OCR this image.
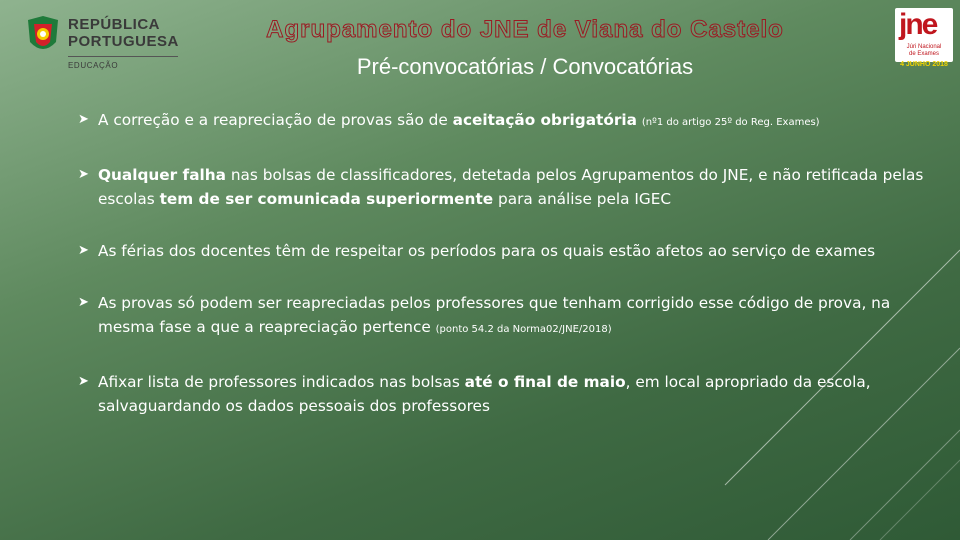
REPÚBLICA
PORTUGUESA
EDUCAÇÃO
Agrupamento do JNE de Viana do Castelo
Pré-convocatórias / Convocatórias
jne
Júri Nacional
de Exames
4 JUNHO 2018
➤ A correção e a reapreciação de provas são de aceitação obrigatória (nº1 do artigo 25º do Reg. Exames)
➤ Qualquer falha nas bolsas de classificadores, detetada pelos Agrupamentos do JNE, e não retificada pelas escolas tem de ser comunicada superiormente para análise pela IGEC
➤ As férias dos docentes têm de respeitar os períodos para os quais estão afetos ao serviço de exames
➤ As provas só podem ser reapreciadas pelos professores que tenham corrigido esse código de prova, na mesma fase a que a reapreciação pertence (ponto 54.2 da Norma02/JNE/2018)
➤ Afixar lista de professores indicados nas bolsas até o final de maio, em local apropriado da escola, salvaguardando os dados pessoais dos professores
